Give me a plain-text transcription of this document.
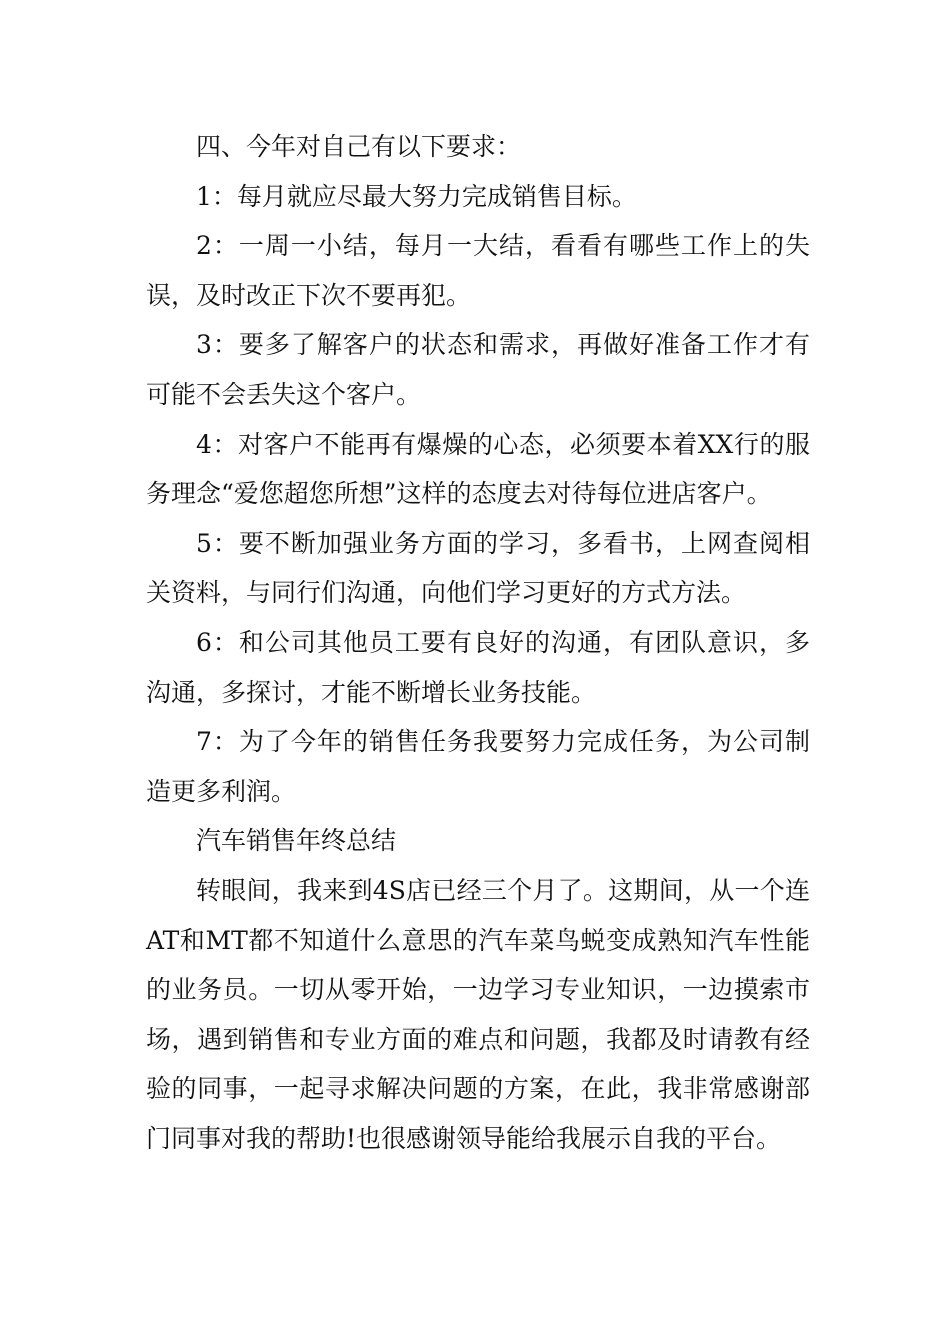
四、今年对自己有以下要求：

1：每月就应尽最大努力完成销售目标。

2：一周一小结，每月一大结，看看有哪些工作上的失误，及时改正下次不要再犯。

3：要多了解客户的状态和需求，再做好准备工作才有可能不会丢失这个客户。

4：对客户不能再有爆燥的心态，必须要本着XX行的服务理念“爱您超您所想”这样的态度去对待每位进店客户。

5：要不断加强业务方面的学习，多看书，上网查阅相关资料，与同行们沟通，向他们学习更好的方式方法。

6：和公司其他员工要有良好的沟通，有团队意识，多沟通，多探讨，才能不断增长业务技能。

7：为了今年的销售任务我要努力完成任务，为公司制造更多利润。

汽车销售年终总结

转眼间，我来到4S店已经三个月了。这期间，从一个连AT和MT都不知道什么意思的汽车菜鸟蜕变成熟知汽车性能的业务员。一切从零开始，一边学习专业知识，一边摸索市场，遇到销售和专业方面的难点和问题，我都及时请教有经验的同事，一起寻求解决问题的方案，在此，我非常感谢部门同事对我的帮助!也很感谢领导能给我展示自我的平台。
